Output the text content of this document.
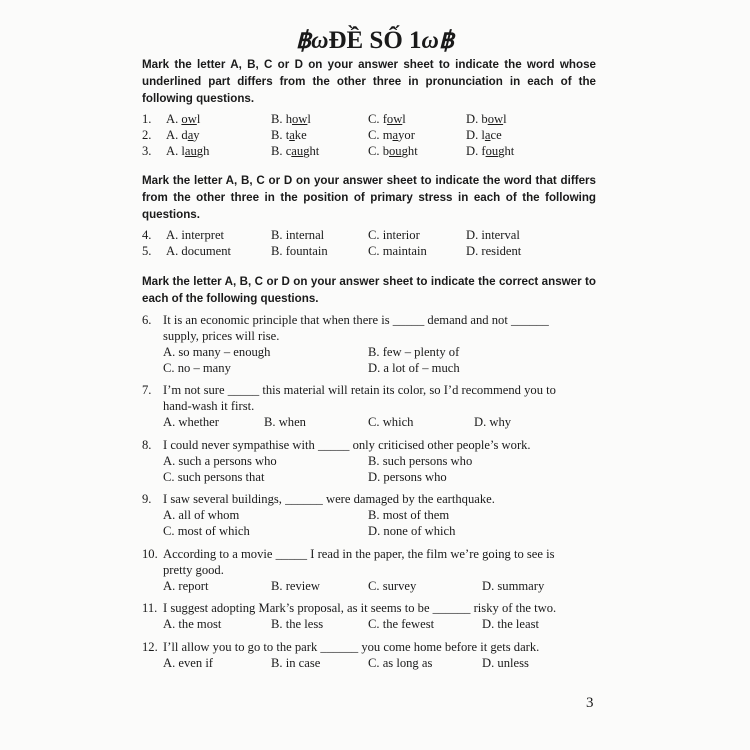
฿ωĐỀ SỐ 1ω฿
Mark the letter A, B, C or D on your answer sheet to indicate the word whose underlined part differs from the other three in pronunciation in each of the following questions.
1. A. owl	B. howl	C. fowl	D. bowl
2. A. day	B. take	C. mayor	D. lace
3. A. laugh	B. caught	C. bought	D. fought
Mark the letter A, B, C or D on your answer sheet to indicate the word that differs from the other three in the position of primary stress in each of the following questions.
4. A. interpret	B. internal	C. interior	D. interval
5. A. document	B. fountain	C. maintain	D. resident
Mark the letter A, B, C or D on your answer sheet to indicate the correct answer to each of the following questions.
6. It is an economic principle that when there is _____ demand and not ______
supply, prices will rise.
A. so many – enough	B. few – plenty of
C. no – many	D. a lot of – much
7. I’m not sure _____ this material will retain its color, so I’d recommend you to
hand-wash it first.
A. whether	B. when	C. which	D. why
8. I could never sympathise with _____ only criticised other people’s work.
A. such a persons who	B. such persons who
C. such persons that	D. persons who
9. I saw several buildings, ______ were damaged by the earthquake.
A. all of whom	B. most of them
C. most of which	D. none of which
10. According to a movie _____ I read in the paper, the film we’re going to see is
pretty good.
A. report	B. review	C. survey	D. summary
11. I suggest adopting Mark’s proposal, as it seems to be ______ risky of the two.
A. the most	B. the less	C. the fewest	D. the least
12. I’ll allow you to go to the park ______ you come home before it gets dark.
A. even if	B. in case	C. as long as	D. unless
3
